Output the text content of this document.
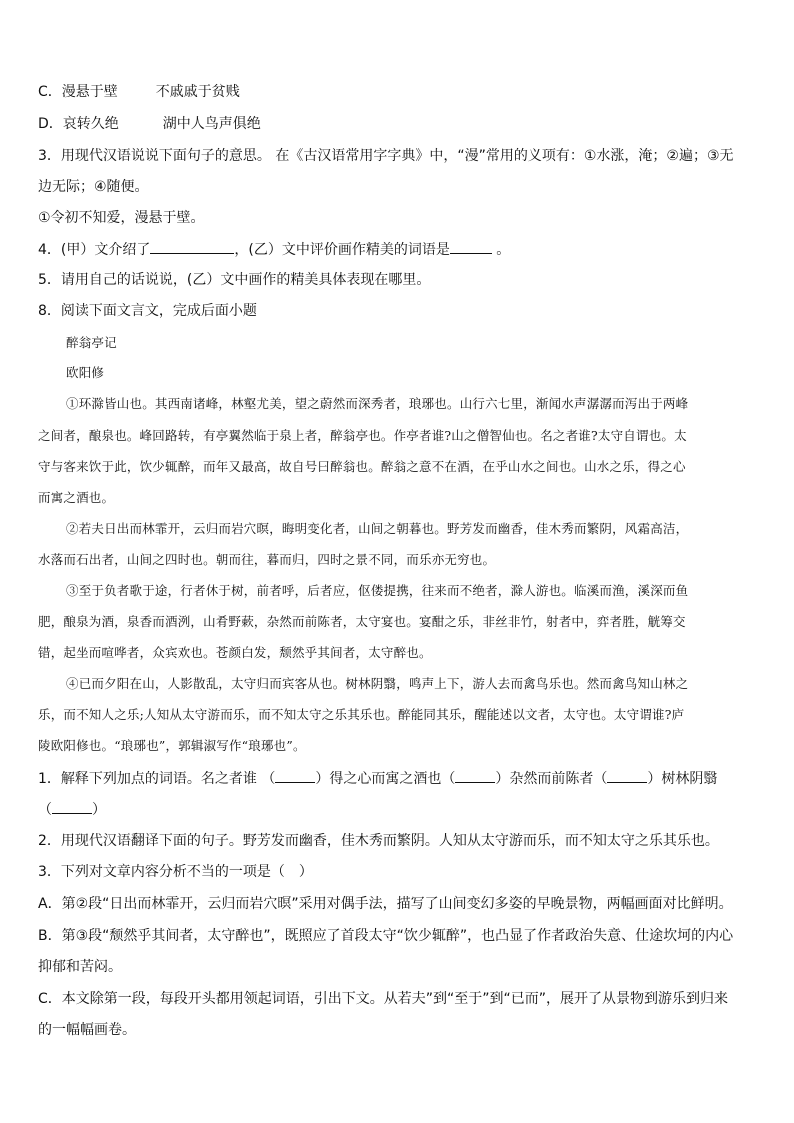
C．漫悬于壁	不戚戚于贫贱
D．哀转久绝	湖中人鸟声俱绝
3．用现代汉语说说下面句子的意思。 在《古汉语常用字字典》中，“漫”常用的义项有：①水涨，淹；②遍；③无
边无际；④随便。
①令初不知爱，漫悬于壁。
4．(甲）文介绍了	，(乙）文中评价画作精美的词语是	。
5．请用自己的话说说，(乙）文中画作的精美具体表现在哪里。
8．阅读下面文言文，完成后面小题
醉翁亭记
欧阳修
①环滁皆山也。其西南诸峰，林壑尤美，望之蔚然而深秀者，琅琊也。山行六七里，渐闻水声潺潺而泻出于两峰
之间者，酿泉也。峰回路转，有亭翼然临于泉上者，醉翁亭也。作亭者谁?山之僧智仙也。名之者谁?太守自谓也。太
守与客来饮于此，饮少辄醉，而年又最高，故自号曰醉翁也。醉翁之意不在酒，在乎山水之间也。山水之乐，得之心
而寓之酒也。
②若夫日出而林霏开，云归而岩穴暝，晦明变化者，山间之朝暮也。野芳发而幽香，佳木秀而繁阴，风霜高洁，
水落而石出者，山间之四时也。朝而往，暮而归，四时之景不同，而乐亦无穷也。
③至于负者歌于途，行者休于树，前者呼，后者应，伛偻提携，往来而不绝者，滁人游也。临溪而渔，溪深而鱼
肥，酿泉为酒，泉香而酒洌，山肴野蔌，杂然而前陈者，太守宴也。宴酣之乐，非丝非竹，射者中，弈者胜，觥筹交
错，起坐而喧哗者，众宾欢也。苍颜白发，颓然乎其间者，太守醉也。
④已而夕阳在山，人影散乱，太守归而宾客从也。树林阴翳，鸣声上下，游人去而禽鸟乐也。然而禽鸟知山林之
乐，而不知人之乐;人知从太守游而乐，而不知太守之乐其乐也。醉能同其乐，醒能述以文者，太守也。太守谓谁?庐
陵欧阳修也。“琅琊也”，郭辑淑写作“琅琊也”。
1．解释下列加点的词语。名之者谁 （	）得之心而寓之酒也（	）杂然而前陈者（	）树林阴翳
（	）
2．用现代汉语翻译下面的句子。野芳发而幽香，佳木秀而繁阴。人知从太守游而乐，而不知太守之乐其乐也。
3．下列对文章内容分析不当的一项是（　）
A．第②段“日出而林霏开，云归而岩穴暝”采用对偶手法，描写了山间变幻多姿的早晚景物，两幅画面对比鲜明。
B．第③段“颓然乎其间者，太守醉也”，既照应了首段太守“饮少辄醉”，也凸显了作者政治失意、仕途坎坷的内心
抑郁和苦闷。
C．本文除第一段，每段开头都用领起词语，引出下文。从若夫”到“至于”到“已而”，展开了从景物到游乐到归来
的一幅幅画卷。
